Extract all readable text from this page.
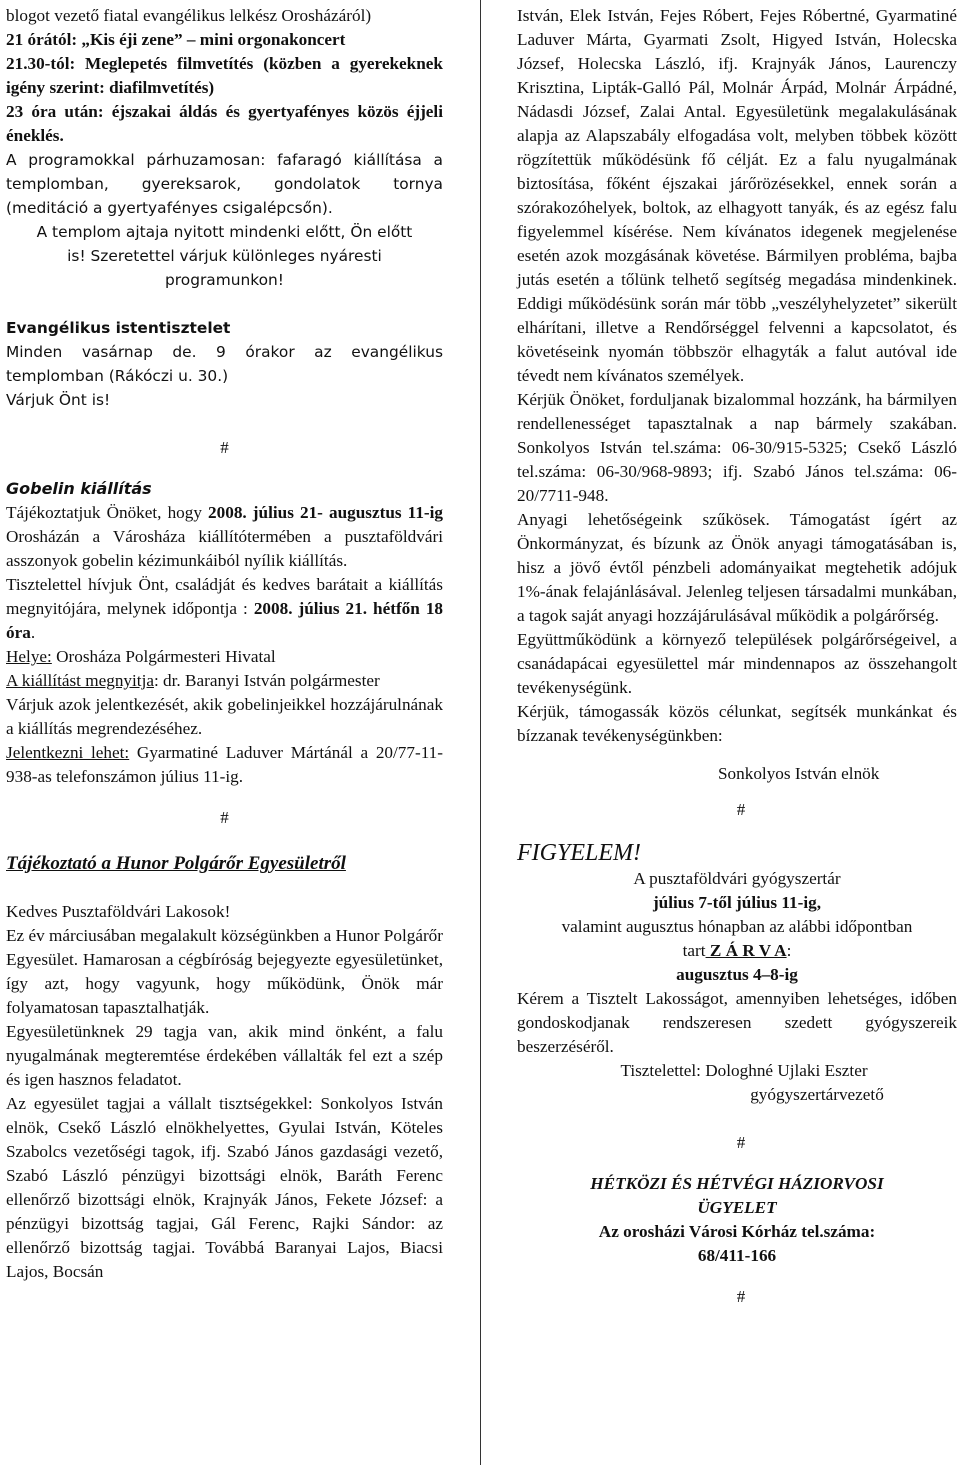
blogot vezető fiatal evangélikus lelkész Orosházáról)

21 órától: „Kis éji zene” – mini orgonakoncert

21.30-tól: Meglepetés filmvetítés (közben a gyerekeknek igény szerint: diafilmvetítés)

23 óra után: éjszakai áldás és gyertyafényes közös éjjeli éneklés.

A programokkal párhuzamosan: fafaragó kiállítása a templomban, gyereksarok, gondolatok tornya (meditáció a gyertyafényes csigalépcsőn).

A templom ajtaja nyitott mindenki előtt, Ön előtt is! Szeretettel várjuk különleges nyáresti programunkon!

Evangélikus istentisztelet

Minden vasárnap de. 9 órakor az evangélikus templomban (Rákóczi u. 30.)

Várjuk Önt is!

#

Gobelin kiállítás

Tájékoztatjuk Önöket, hogy 2008. július 21- augusztus 11-ig Orosházán a Városháza kiállítótermében a pusztaföldvári asszonyok gobelin kézimunkáiból nyílik kiállítás.

Tisztelettel hívjuk Önt, családját és kedves barátait a kiállítás megnyitójára, melynek időpontja : 2008. július 21. hétfőn 18 óra.

Helye: Orosháza Polgármesteri Hivatal

A kiállítást megnyitja: dr. Baranyi István polgármester

Várjuk azok jelentkezését, akik gobelinjeikkel hozzájárulnának a kiállítás megrendezéséhez.

Jelentkezni lehet: Gyarmatiné Laduver Mártánál a 20/77-11-938-as telefonszámon július 11-ig.

#

Tájékoztató a Hunor Polgárőr Egyesületről

Kedves Pusztaföldvári Lakosok!

Ez év márciusában megalakult községünkben a Hunor Polgárőr Egyesület. Hamarosan a cégbíróság bejegyezte egyesületünket, így azt, hogy vagyunk, hogy működünk, Önök már folyamatosan tapasztalhatják.

Egyesületünknek 29 tagja van, akik mind önként, a falu nyugalmának megteremtése érdekében vállalták fel ezt a szép és igen hasznos feladatot.

Az egyesület tagjai a vállalt tisztségekkel: Sonkolyos István elnök, Csekő László elnökhelyettes, Gyulai István, Köteles Szabolcs vezetőségi tagok, ifj. Szabó János gazdasági vezető, Szabó László pénzügyi bizottsági elnök, Baráth Ferenc ellenőrző bizottsági elnök, Krajnyák János, Fekete József: a pénzügyi bizottság tagjai, Gál Ferenc, Rajki Sándor: az ellenőrző bizottság tagjai. Továbbá Baranyai Lajos, Biacsi Lajos, Bocsán

István, Elek István, Fejes Róbert, Fejes Róbertné, Gyarmatiné Laduver Márta, Gyarmati Zsolt, Higyed István, Holecska József, Holecska László, ifj. Krajnyák János, Laurenczy Krisztina, Lipták-Galló Pál, Molnár Árpád, Molnár Árpádné, Nádasdi József, Zalai Antal. Egyesületünk megalakulásának alapja az Alapszabály elfogadása volt, melyben többek között rögzítettük működésünk fő célját. Ez a falu nyugalmának biztosítása, főként éjszakai járőrözésekkel, ennek során a szórakozóhelyek, boltok, az elhagyott tanyák, és az egész falu figyelemmel kísérése. Nem kívánatos idegenek megjelenése esetén azok mozgásának követése. Bármilyen probléma, bajba jutás esetén a tőlünk telhető segítség megadása mindenkinek. Eddigi működésünk során már több „veszélyhelyzetet” sikerült elhárítani, illetve a Rendőrséggel felvenni a kapcsolatot, és követéseink nyomán többször elhagyták a falut autóval ide tévedt nem kívánatos személyek.

Kérjük Önöket, forduljanak bizalommal hozzánk, ha bármilyen rendellenességet tapasztalnak a nap bármely szakában. Sonkolyos István tel.száma: 06-30/915-5325; Csekő László tel.száma: 06-30/968-9893; ifj. Szabó János tel.száma: 06-20/7711-948.

Anyagi lehetőségeink szűkösek. Támogatást ígért az Önkormányzat, és bízunk az Önök anyagi támogatásában is, hisz a jövő évtől pénzbeli adományaikat megtehetik adójuk 1%-ának felajánlásával. Jelenleg teljesen társadalmi munkában, a tagok saját anyagi hozzájárulásával működik a polgárőrség.

Együttműködünk a környező települések polgárőrségeivel, a csanádapácai egyesülettel már mindennapos az összehangolt tevékenységünk.

Kérjük, támogassák közös célunkat, segítsék munkánkat és bízzanak tevékenységünkben:

Sonkolyos István elnök

#

FIGYELEM!

A pusztaföldvári gyógyszertár

július 7-től július 11-ig,

valamint augusztus hónapban az alábbi időpontban

tart Z Á R V A:

augusztus 4–8-ig

Kérem a Tisztelt Lakosságot, amennyiben lehetséges, időben gondoskodjanak rendszeresen szedett gyógyszereik beszerzéséről.

Tisztelettel: Dologhné Ujlaki Eszter

gyógyszertárvezető

#

HÉTKÖZI ÉS HÉTVÉGI HÁZIORVOSI

ÜGYELET

Az orosházi Városi Kórház tel.száma:

68/411-166

#
